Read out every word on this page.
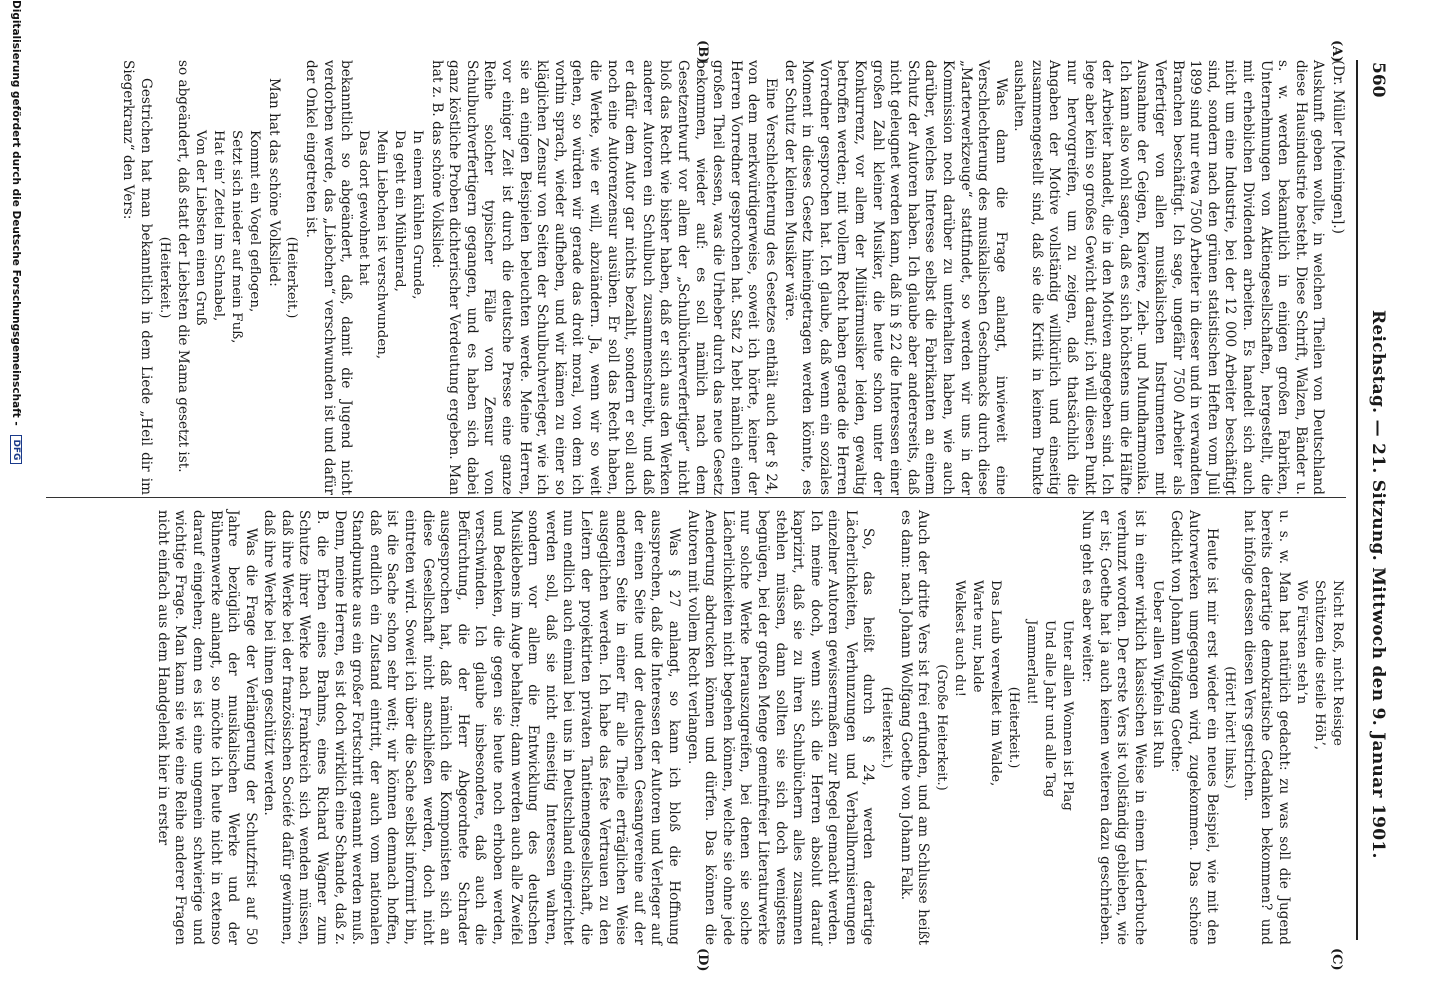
560
Reichstag. — 21. Sitzung. Mittwoch den 9. Januar 1901.
(A)
(B)
(C)
(D)

(Dr. Müller [Meiningen].)

Auskunft geben wollte, in welchen Theilen von Deutschland diese Hausindustrie besteht. Diese Schrift, Walzen, Bänder u. s. w. werden bekanntlich in einigen großen Fabriken, Unternehmungen von Aktiengesellschaften, hergestellt, die mit erheblichen Dividenden arbeiten. Es handelt sich auch nicht um eine Industrie, bei der 12 000 Arbeiter beschäftigt sind, sondern nach den grünen statistischen Heften vom Juli 1899 sind nur etwa 7500 Arbeiter in dieser und in verwandten Branchen beschäftigt. Ich sage, ungefähr 7500 Arbeiter als Verfertiger von allen musikalischen Instrumenten mit Ausnahme der Geigen, Klaviere, Zieh- und Mundharmonika. Ich kann also wohl sagen, daß es sich höchstens um die Hälfte der Arbeiter handelt, die in den Motiven angegeben sind. Ich lege aber kein so großes Gewicht darauf; ich will diesen Punkt nur hervorgreifen, um zu zeigen, daß thatsächlich die Angaben der Motive vollständig willkürlich und einseitig zusammengestellt sind, daß sie die Kritik in keinem Punkte aushalten.

Was dann die Frage anlangt, inwieweit eine Verschlechterung des musikalischen Geschmacks durch diese „Marterwerkzeuge“ stattfindet, so werden wir uns in der Kommission noch darüber zu unterhalten haben, wie auch darüber, welches Interesse selbst die Fabrikanten an einem Schutz der Autoren haben. Ich glaube aber andererseits, daß nicht geleugnet werden kann, daß in § 22 die Interessen einer großen Zahl kleiner Musiker, die heute schon unter der Konkurrenz, vor allem der Militärmusiker leiden, gewaltig betroffen werden; mit vollem Recht haben gerade die Herren Vorredner gesprochen hat. Ich glaube, daß wenn ein soziales Moment in dieses Gesetz hineingetragen werden könnte, es der Schutz der kleinen Musiker wäre.

Eine Verschlechterung des Gesetzes enthält auch der § 24, von dem merkwürdigerweise, soweit ich hörte, keiner der Herren Vorredner gesprochen hat. Satz 2 hebt nämlich einen großen Theil dessen, was die Urheber durch das neue Gesetz bekommen, wieder auf: es soll nämlich nach dem Gesetzentwurf vor allem der „Schulbücherverfertiger“ nicht bloß das Recht wie bisher haben, daß er sich aus den Werken anderer Autoren ein Schulbuch zusammenschreibt, und daß er dafür dem Autor gar nichts bezahlt, sondern er soll auch noch eine Autorenzensur ausüben. Er soll das Recht haben, die Werke, wie er will, abzuändern. Ja, wenn wir so weit gehen, so würden wir gerade das droit moral, von dem ich vorhin sprach, wieder aufheben, und wir kämen zu einer so kläglichen Zensur von Seiten der Schulbuchverleger, wie ich sie an einigen Beispielen beleuchten werde. Meine Herren, vor einiger Zeit ist durch die deutsche Presse eine ganze Reihe solcher typischer Fälle von Zensur von Schulbuchverfertigern gegangen, und es haben sich dabei ganz köstliche Proben dichterischer Verdeutung ergeben. Man hat z. B. das schöne Volkslied:

In einem kühlen Grunde,

Da geht ein Mühlenrad,

Mein Liebchen ist verschwunden,

Das dort gewohnet hat

bekanntlich so abgeändert, daß, damit die Jugend nicht verdorben werde, das „Liebchen“ verschwunden ist und dafür der Onkel eingetreten ist.

(Heiterkeit.)

Man hat das schöne Volkslied:

Kommt ein Vogel geflogen,

Setzt sich nieder auf mein Fuß,

Hat ein’ Zettel im Schnabel,

Von der Liebsten einen Gruß

so abgeändert, daß statt der Liebsten die Mama gesetzt ist.

(Heiterkeit.)

Gestrichen hat man bekanntlich in dem Liede „Heil dir im Siegerkranz“ den Vers:

Nicht Roß, nicht Reisige

Schützen die steile Höh’,

Wo Fürsten steh’n

u. s. w. Man hat natürlich gedacht: zu was soll die Jugend bereits derartige demokratische Gedanken bekommen? und hat infolge dessen diesen Vers gestrichen.

(Hört! hört! links.)

Heute ist mir erst wieder ein neues Beispiel, wie mit den Autorwerken umgegangen wird, zugekommen. Das schöne Gedicht von Johann Wolfgang Goethe:

Ueber allen Wipfeln ist Ruh

ist in einer wirklich klassischen Weise in einem Liederbuche verhunzt worden. Der erste Vers ist vollständig geblieben, wie er ist; Goethe hat ja auch keinen weiteren dazu geschrieben. Nun geht es aber weiter:

Unter allen Wonnen ist Plag

Und alle Jahr und alle Tag

Jammerlaut!

(Heiterkeit.)

Das Laub verwelket im Walde,

Warte nur, balde

Welkest auch du!

(Große Heiterkeit.)

Auch der dritte Vers ist frei erfunden, und am Schlusse heißt es dann: nach Johann Wolfgang Goethe von Johann Falk.

(Heiterkeit.)

So, das heißt durch § 24, werden derartige Lächerlichkeiten, Verhunzungen und Verballhornisierungen einzelner Autoren gewissermaßen zur Regel gemacht werden. Ich meine doch, wenn sich die Herren absolut darauf kaprizirt, daß sie zu ihren Schulbüchern alles zusammen stehlen müssen, dann sollten sie sich doch wenigstens begnügen, bei der großen Menge gemeinfreier Literaturwerke nur solche Werke herauszugreifen, bei denen sie solche Lächerlichkeiten nicht begehen können, welche sie ohne jede Aenderung abdrucken können und dürfen. Das können die Autoren mit vollem Recht verlangen.

Was § 27 anlangt, so kann ich bloß die Hoffnung aussprechen, daß die Interessen der Autoren und Verleger auf der einen Seite und der deutschen Gesangvereine auf der anderen Seite in einer für alle Theile erträglichen Weise ausgeglichen werden. Ich habe das feste Vertrauen zu den Leitern der projektirten privaten Tantiemengesellschaft, die nun endlich auch einmal bei uns in Deutschland eingerichtet werden soll, daß sie nicht einseitig Interessen wahren, sondern vor allem die Entwicklung des deutschen Musiklebens im Auge behalten; dann werden auch alle Zweifel und Bedenken, die gegen sie heute noch erhoben werden, verschwinden. Ich glaube insbesondere, daß auch die Befürchtung, die der Herr Abgeordnete Schrader ausgesprochen hat, daß nämlich die Komponisten sich an diese Gesellschaft nicht anschließen werden, doch nicht eintreten wird. Soweit ich über die Sache selbst informirt bin, ist die Sache schon sehr weit; wir können demnach hoffen, daß endlich ein Zustand eintritt, der auch vom nationalen Standpunkte aus ein großer Fortschritt genannt werden muß. Denn, meine Herren, es ist doch wirklich eine Schande, daß z. B. die Erben eines Brahms, eines Richard Wagner zum Schutze ihrer Werke nach Frankreich sich wenden müssen, daß ihre Werke bei der französischen Société dafür gewinnen, daß ihre Werke bei ihnen geschützt werden.

Was die Frage der Verlängerung der Schutzfrist auf 50 Jahre bezüglich der musikalischen Werke und der Bühnenwerke anlangt, so möchte ich heute nicht in extenso darauf eingehen; denn es ist eine ungemein schwierige und wichtige Frage. Man kann sie wie eine Reihe anderer Fragen nicht einfach aus dem Handgelenk hier in erster

Digitalisierung gefördert durch die Deutsche Forschungsgemeinschaft - DFG
